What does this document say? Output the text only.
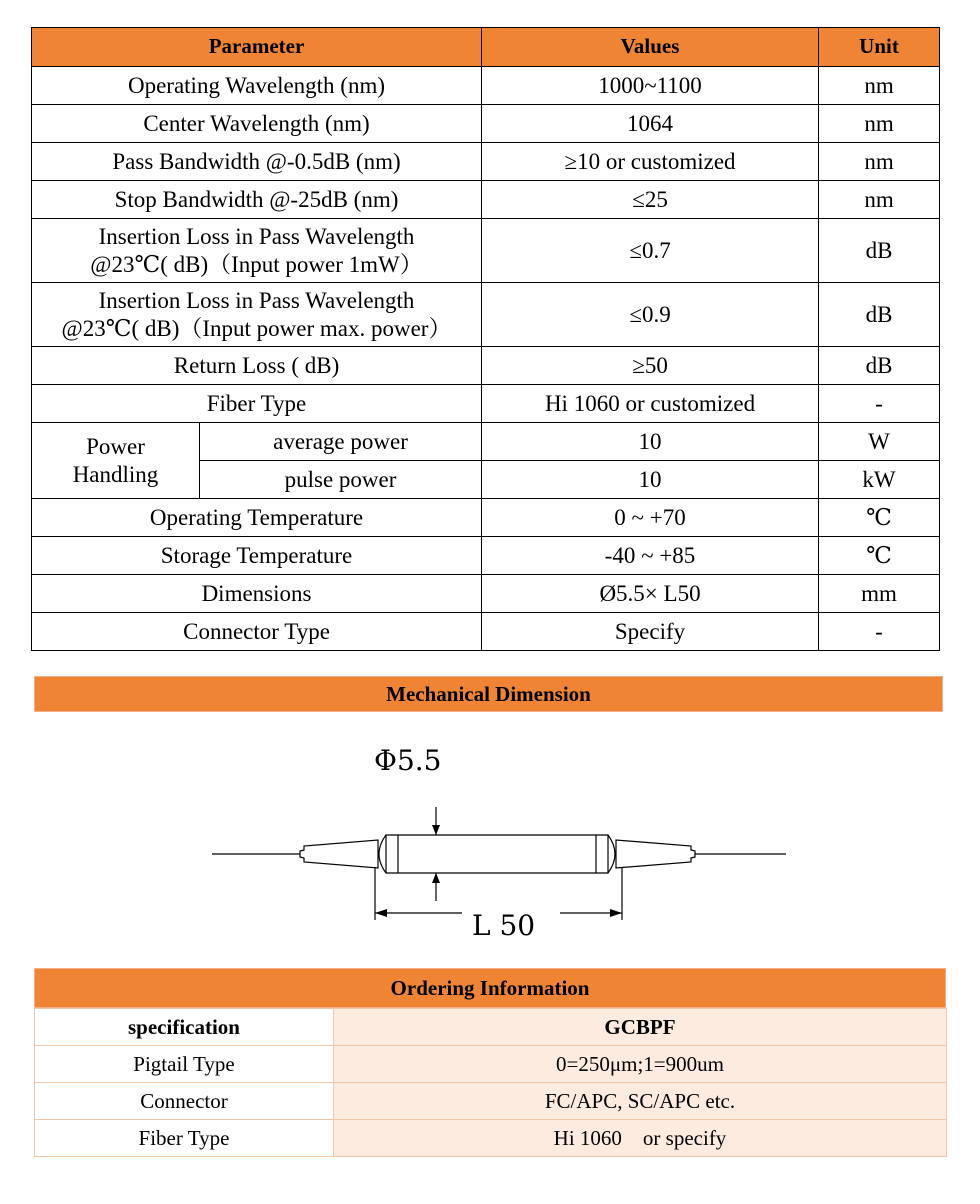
Parameter		Values	Unit
Operating Wavelength (nm)		1000~1100	nm
Center Wavelength (nm)		1064	nm
Pass Bandwidth @-0.5dB (nm)		≥10 or customized	nm
Stop Bandwidth @-25dB (nm)		≤25	nm

Insertion Loss in Pass Wavelength
@23℃( dB)（Input power 1mW）		≤0.7	dB

Insertion Loss in Pass Wavelength
@23℃( dB)（Input power max. power）		≤0.9	dB
Return Loss ( dB)		≥50	dB
Fiber Type		Hi 1060 or customized	-

Power
Handling	average power	10	W
	pulse power	10	kW
Operating Temperature		0 ~ +70	℃
Storage Temperature		-40 ~ +85	℃
Dimensions		Ø5.5× L50	mm
Connector Type		Specify	-
Mechanical Dimension
Φ5.5
L 50
Ordering Information
specification	GCBPF
Pigtail Type	0=250μm;1=900um
Connector	FC/APC, SC/APC etc.
Fiber Type	Hi 1060    or specify
